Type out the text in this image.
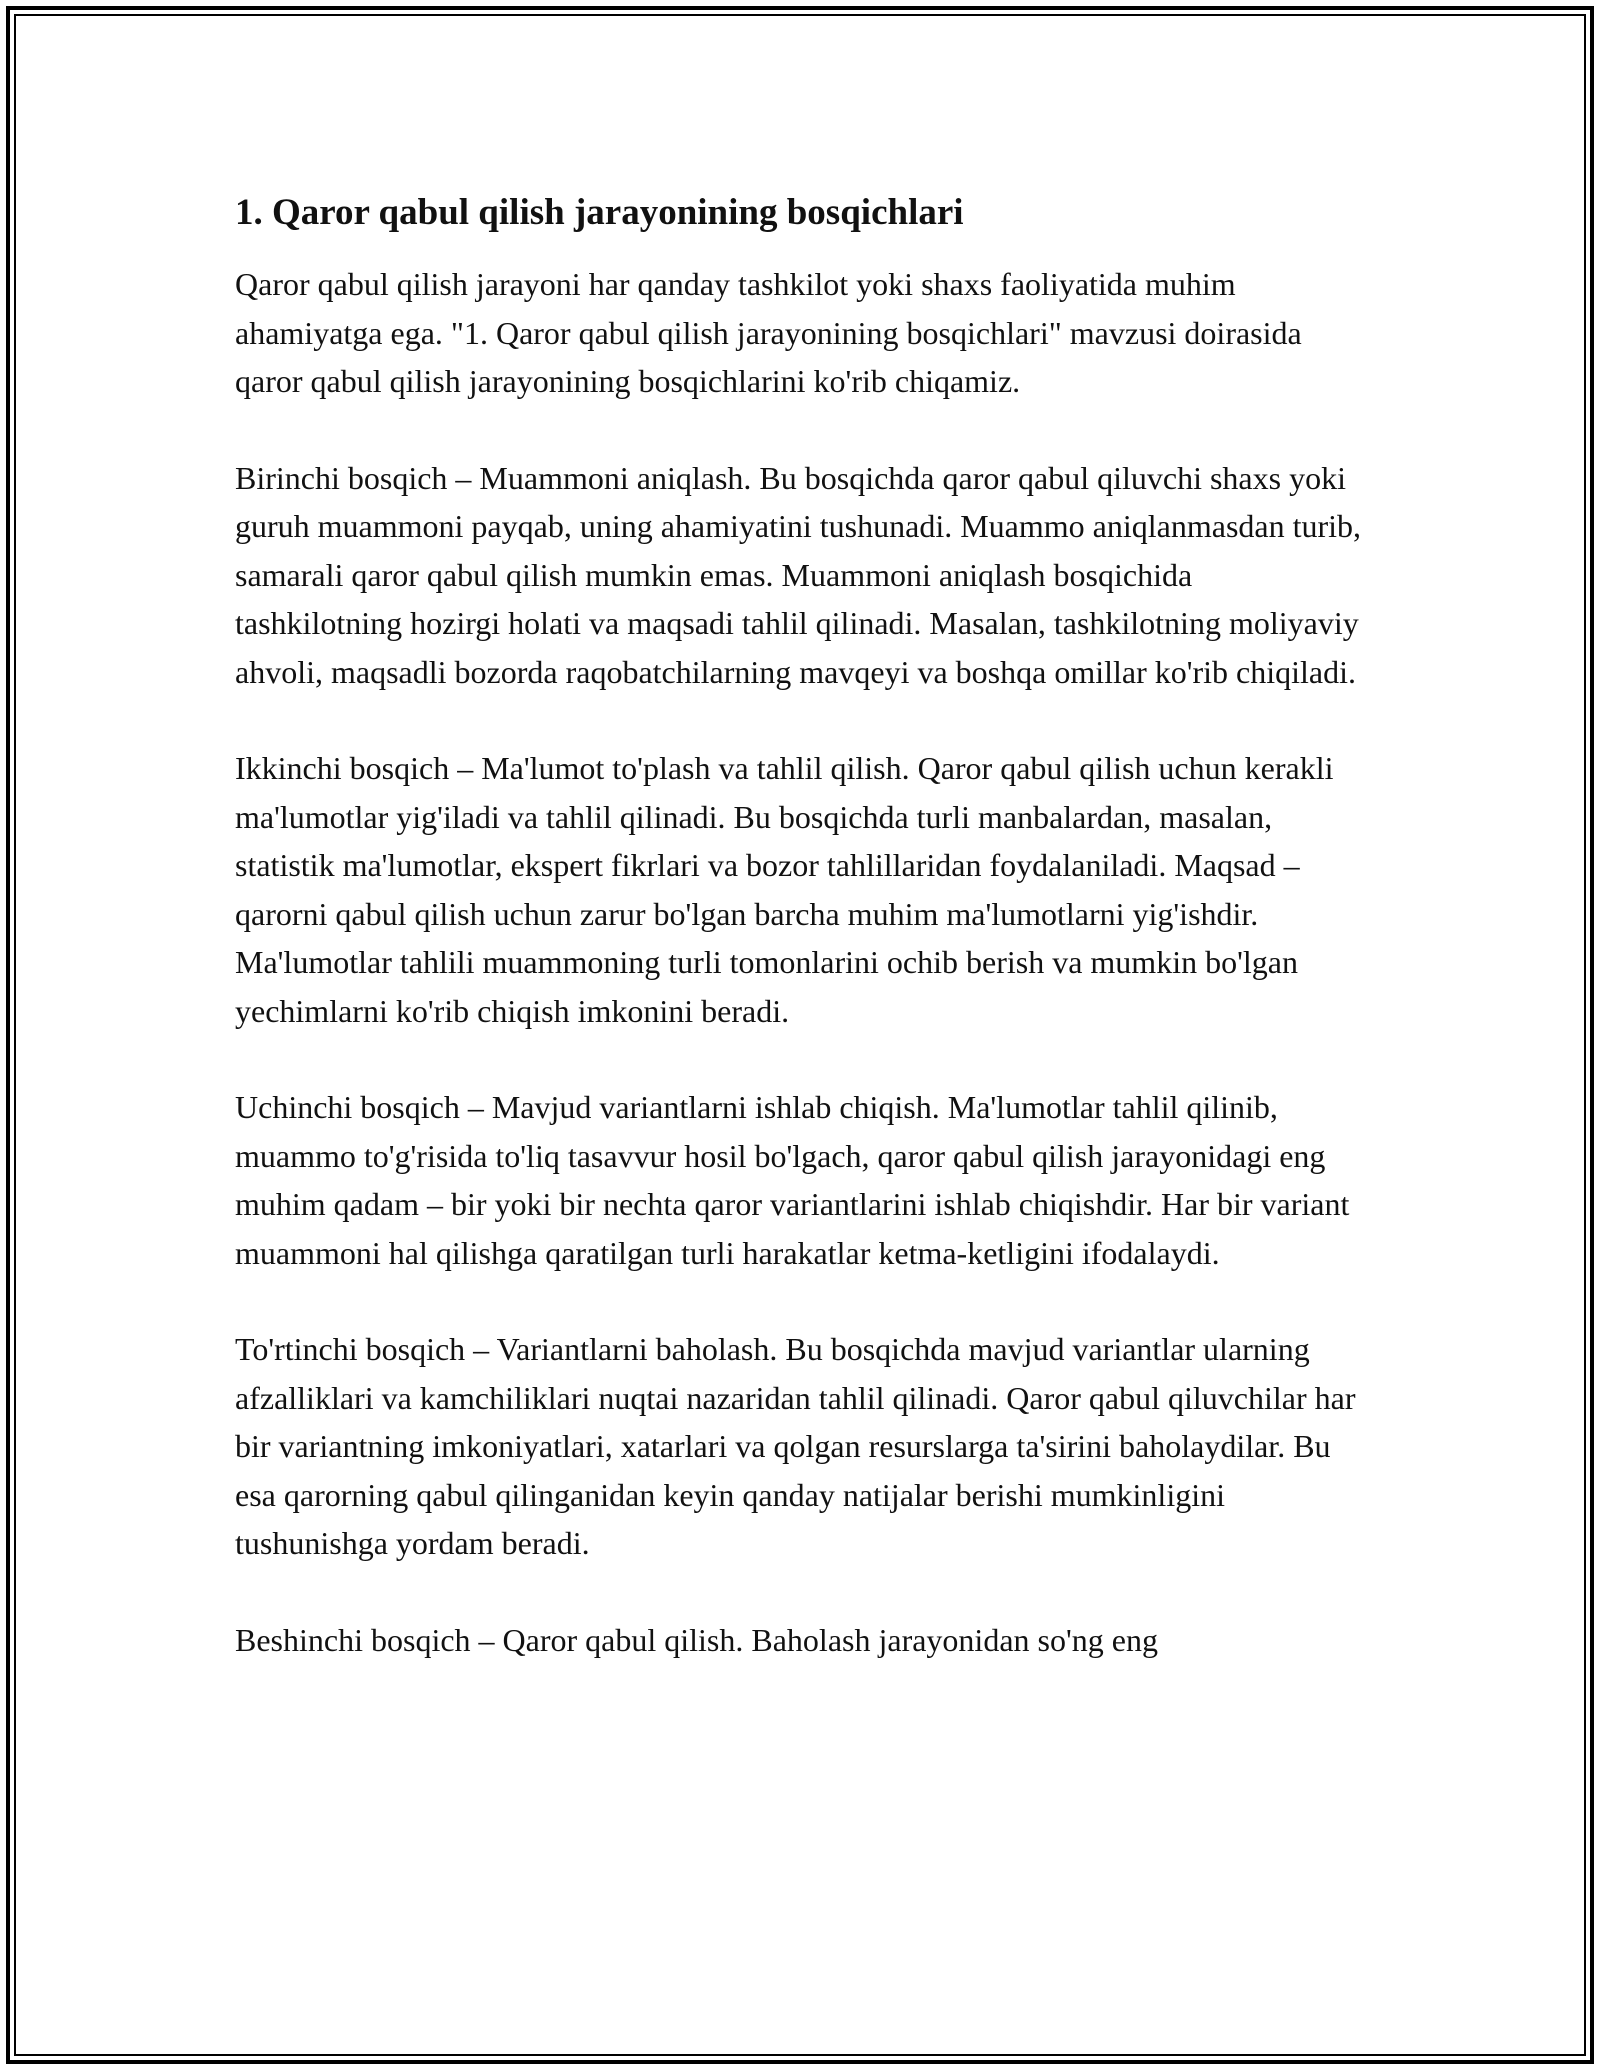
1. Qaror qabul qilish jarayonining bosqichlari

Qaror qabul qilish jarayoni har qanday tashkilot yoki shaxs faoliyatida muhim ahamiyatga ega. "1. Qaror qabul qilish jarayonining bosqichlari" mavzusi doirasida qaror qabul qilish jarayonining bosqichlarini ko'rib chiqamiz.

Birinchi bosqich – Muammoni aniqlash. Bu bosqichda qaror qabul qiluvchi shaxs yoki guruh muammoni payqab, uning ahamiyatini tushunadi. Muammo aniqlanmasdan turib, samarali qaror qabul qilish mumkin emas. Muammoni aniqlash bosqichida tashkilotning hozirgi holati va maqsadi tahlil qilinadi. Masalan, tashkilotning moliyaviy ahvoli, maqsadli bozorda raqobatchilarning mavqeyi va boshqa omillar ko'rib chiqiladi.

Ikkinchi bosqich – Ma'lumot to'plash va tahlil qilish. Qaror qabul qilish uchun kerakli ma'lumotlar yig'iladi va tahlil qilinadi. Bu bosqichda turli manbalardan, masalan, statistik ma'lumotlar, ekspert fikrlari va bozor tahlillaridan foydalaniladi. Maqsad – qarorni qabul qilish uchun zarur bo'lgan barcha muhim ma'lumotlarni yig'ishdir. Ma'lumotlar tahlili muammoning turli tomonlarini ochib berish va mumkin bo'lgan yechimlarni ko'rib chiqish imkonini beradi.

Uchinchi bosqich – Mavjud variantlarni ishlab chiqish. Ma'lumotlar tahlil qilinib, muammo to'g'risida to'liq tasavvur hosil bo'lgach, qaror qabul qilish jarayonidagi eng muhim qadam – bir yoki bir nechta qaror variantlarini ishlab chiqishdir. Har bir variant muammoni hal qilishga qaratilgan turli harakatlar ketma-ketligini ifodalaydi.

To'rtinchi bosqich – Variantlarni baholash. Bu bosqichda mavjud variantlar ularning afzalliklari va kamchiliklari nuqtai nazaridan tahlil qilinadi. Qaror qabul qiluvchilar har bir variantning imkoniyatlari, xatarlari va qolgan resurslarga ta'sirini baholaydilar. Bu esa qarorning qabul qilinganidan keyin qanday natijalar berishi mumkinligini tushunishga yordam beradi.

Beshinchi bosqich – Qaror qabul qilish. Baholash jarayonidan so'ng eng
